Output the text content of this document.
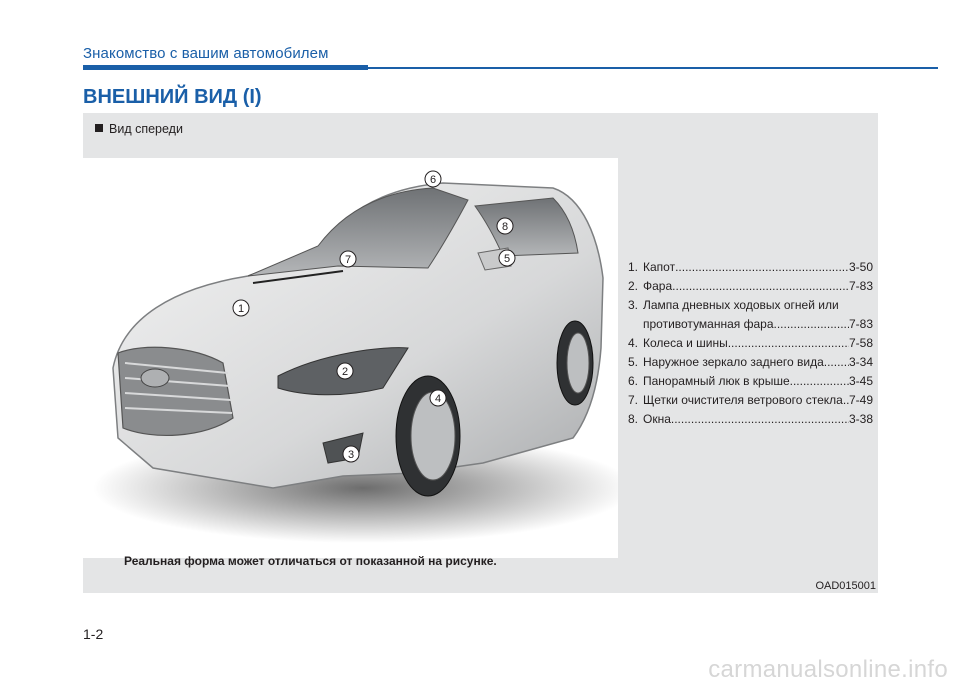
Знакомство с вашим автомобилем
ВНЕШНИЙ ВИД (I)
Вид спереди
1
2
3
4
5
6
7
8
Реальная форма может отличаться от показанной на рисунке.
OAD015001
1. Капот .....	3-50
2. Фара .....	7-83
3. Лампа дневных ходовых огней или
противотуманная фара .....	7-83
4. Колеса и шины .....	7-58
5. Наружное зеркало заднего вида ..... 3-34
6. Панорамный люк в крыше .....	3-45
7. Щетки очистителя ветрового стекла ..... 7-49
8. Окна .....	3-38
1-2
carmanualsonline.info
